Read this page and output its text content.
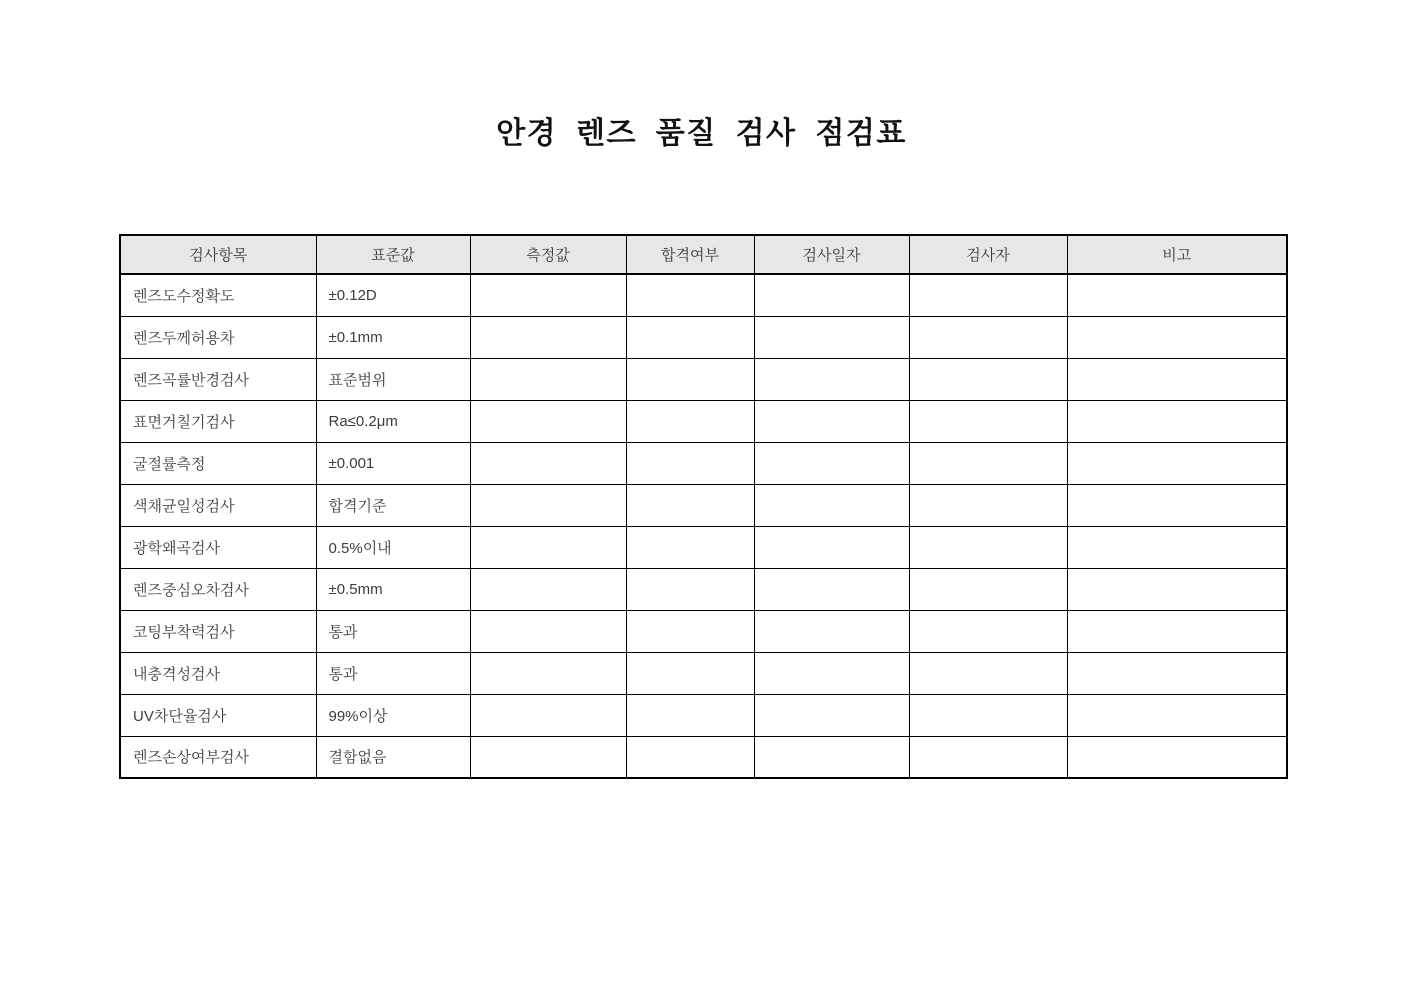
안경 렌즈 품질 검사 점검표
검사항목	표준값	측정값	합격여부	검사일자	검사자	비고
렌즈도수정확도	±0.12D					
렌즈두께허용차	±0.1mm					
렌즈곡률반경검사	표준범위					
표면거칠기검사	Ra≤0.2μm					
굴절률측정	±0.001					
색채균일성검사	합격기준					
광학왜곡검사	0.5%이내					
렌즈중심오차검사	±0.5mm					
코팅부착력검사	통과					
내충격성검사	통과					
UV차단율검사	99%이상					
렌즈손상여부검사	결함없음					
